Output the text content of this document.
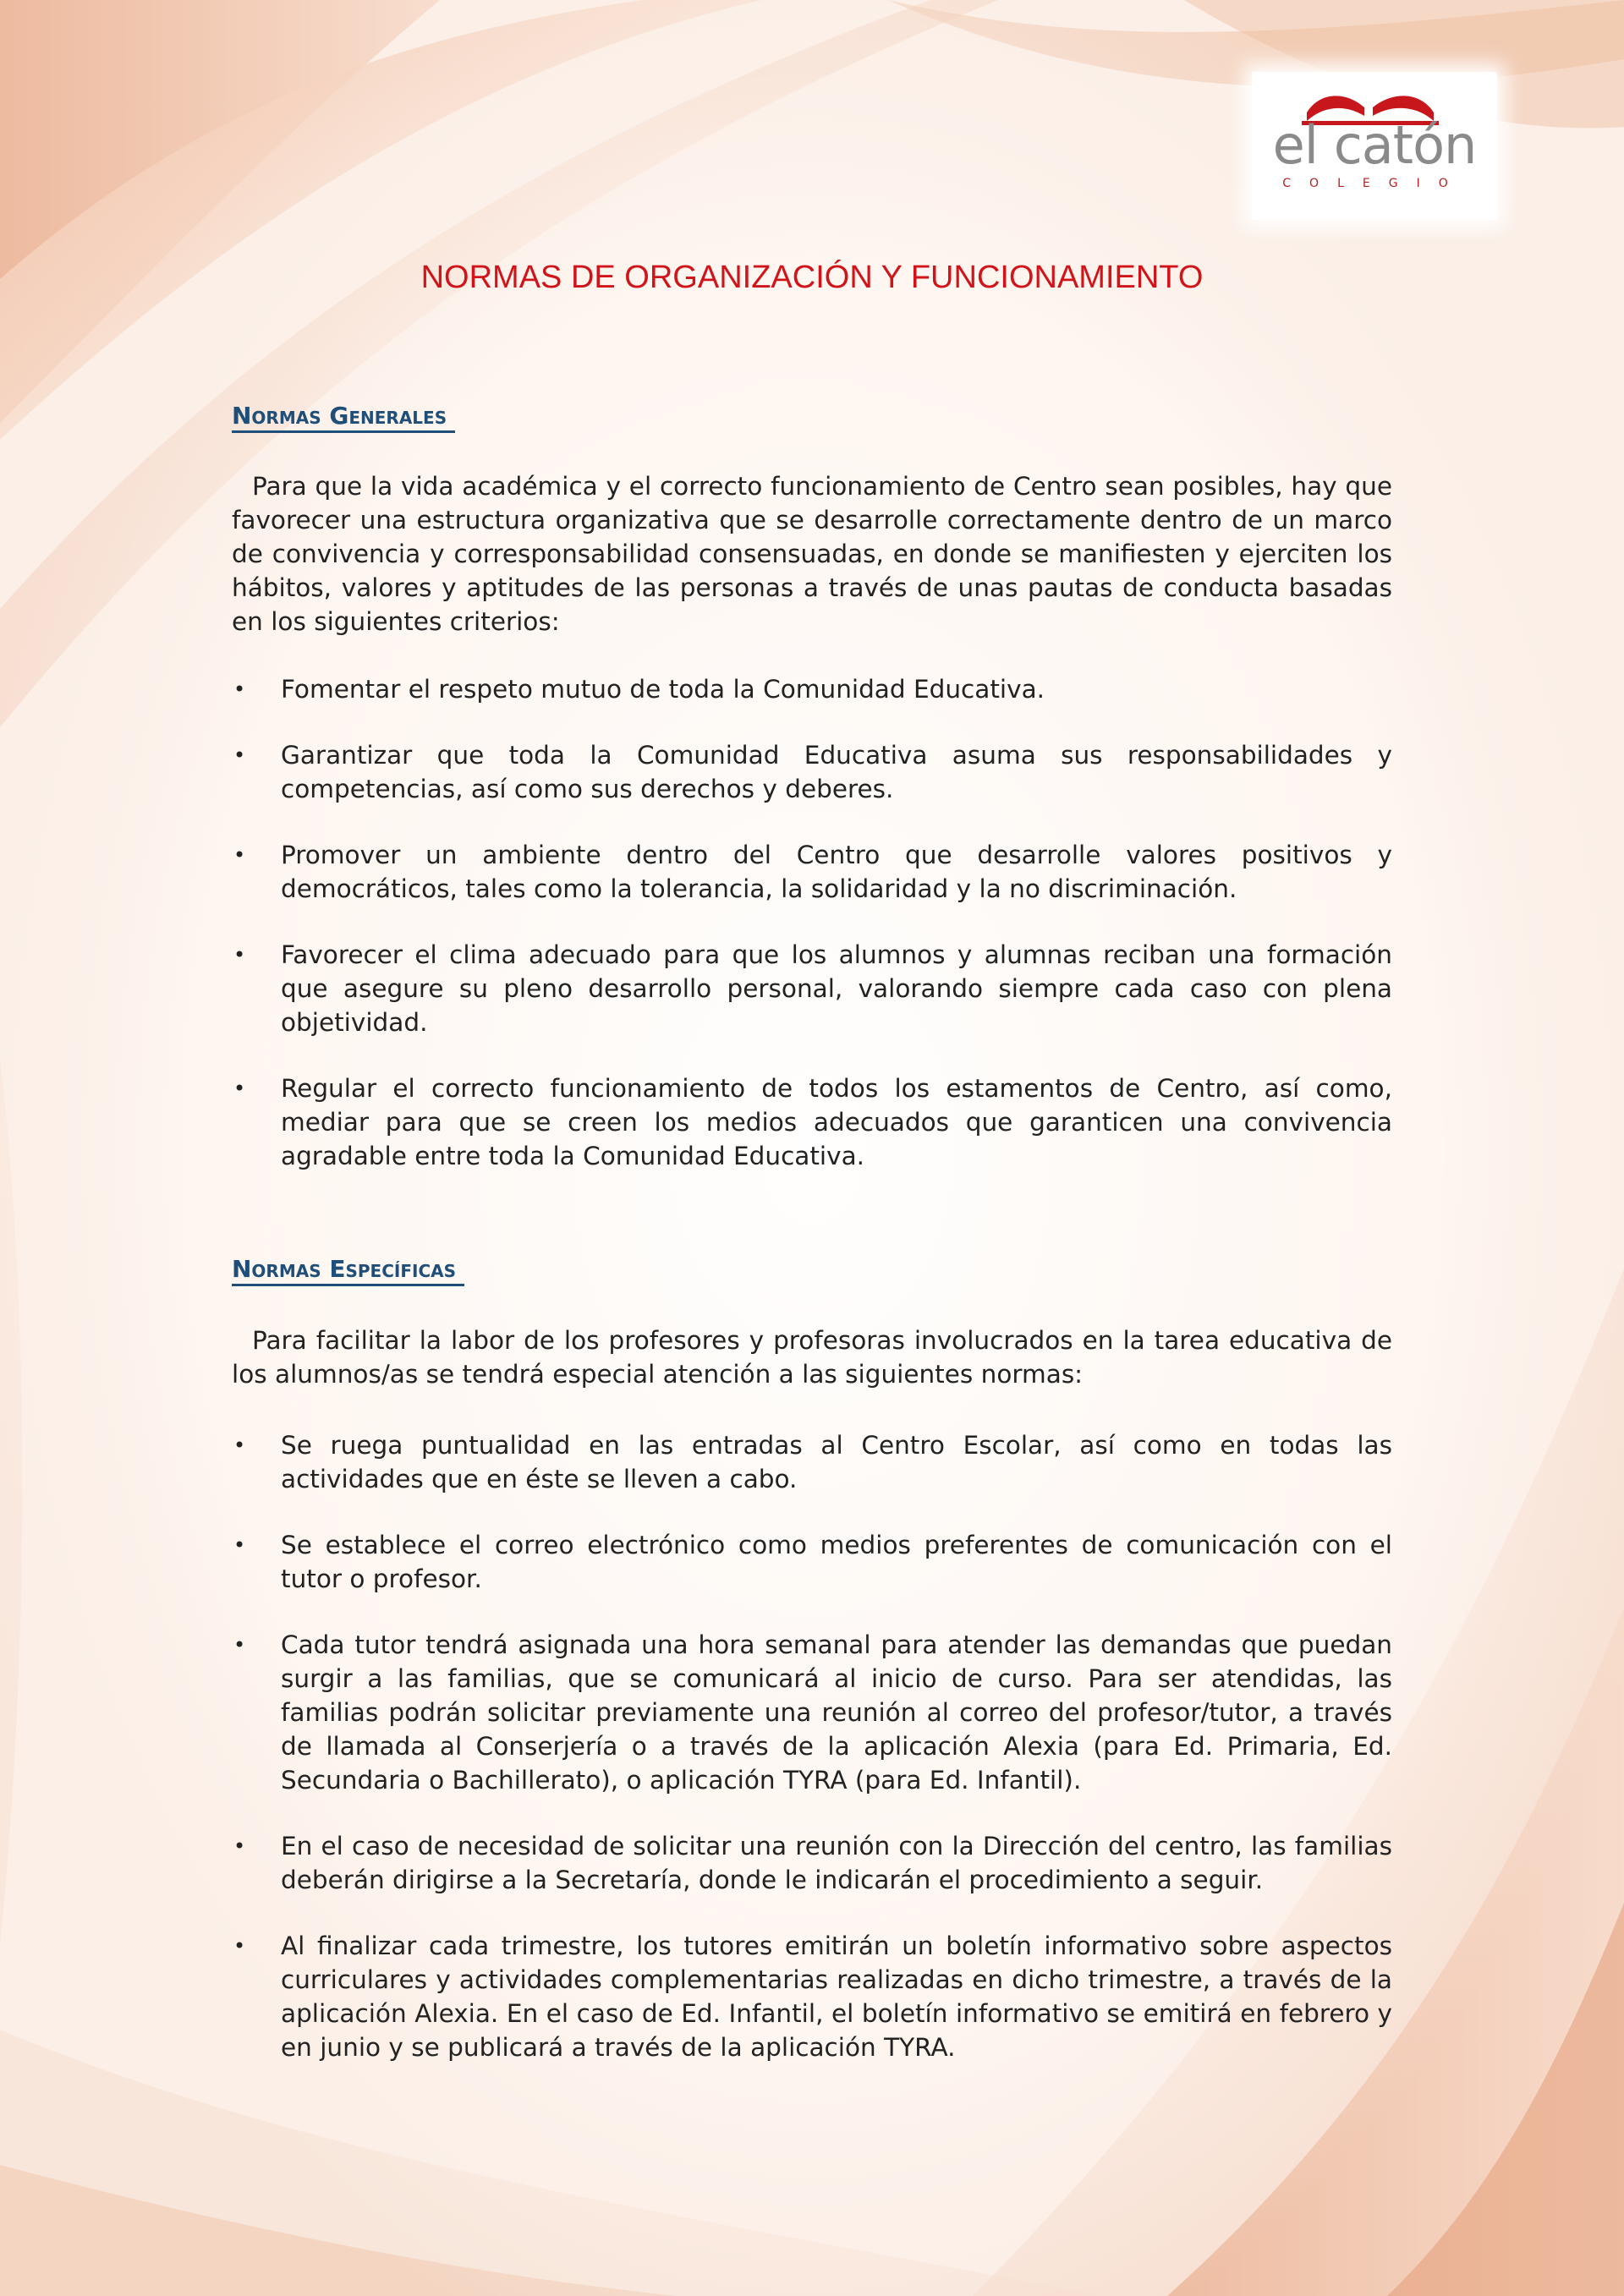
el catón
COLEGIO
NORMAS DE ORGANIZACIÓN Y FUNCIONAMIENTO
Normas Generales

Para que la vida académica y el correcto funcionamiento de Centro sean posibles, hay que favorecer una estructura organizativa que se desarrolle correctamente dentro de un marco de convivencia y corresponsabilidad consensuadas, en donde se manifiesten y ejerciten los hábitos, valores y aptitudes de las personas a través de unas pautas de conducta basadas en los siguientes criterios:

• Fomentar el respeto mutuo de toda la Comunidad Educativa.
• Garantizar que toda la Comunidad Educativa asuma sus responsabilidades y competencias, así como sus derechos y deberes.
• Promover un ambiente dentro del Centro que desarrolle valores positivos y democráticos, tales como la tolerancia, la solidaridad y la no discriminación.
• Favorecer el clima adecuado para que los alumnos y alumnas reciban una formación que asegure su pleno desarrollo personal, valorando siempre cada caso con plena objetividad.
• Regular el correcto funcionamiento de todos los estamentos de Centro, así como, mediar para que se creen los medios adecuados que garanticen una convivencia agradable entre toda la Comunidad Educativa.
Normas Específicas

Para facilitar la labor de los profesores y profesoras involucrados en la tarea educativa de los alumnos/as se tendrá especial atención a las siguientes normas:

• Se ruega puntualidad en las entradas al Centro Escolar, así como en todas las actividades que en éste se lleven a cabo.
• Se establece el correo electrónico como medios preferentes de comunicación con el tutor o profesor.
• Cada tutor tendrá asignada una hora semanal para atender las demandas que puedan surgir a las familias, que se comunicará al inicio de curso. Para ser atendidas, las familias podrán solicitar previamente una reunión al correo del profesor/tutor, a través de llamada al Conserjería o a través de la aplicación Alexia (para Ed. Primaria, Ed. Secundaria o Bachillerato), o aplicación TYRA (para Ed. Infantil).
• En el caso de necesidad de solicitar una reunión con la Dirección del centro, las familias deberán dirigirse a la Secretaría, donde le indicarán el procedimiento a seguir.
• Al finalizar cada trimestre, los tutores emitirán un boletín informativo sobre aspectos curriculares y actividades complementarias realizadas en dicho trimestre, a través de la aplicación Alexia. En el caso de Ed. Infantil, el boletín informativo se emitirá en febrero y en junio y se publicará a través de la aplicación TYRA.
